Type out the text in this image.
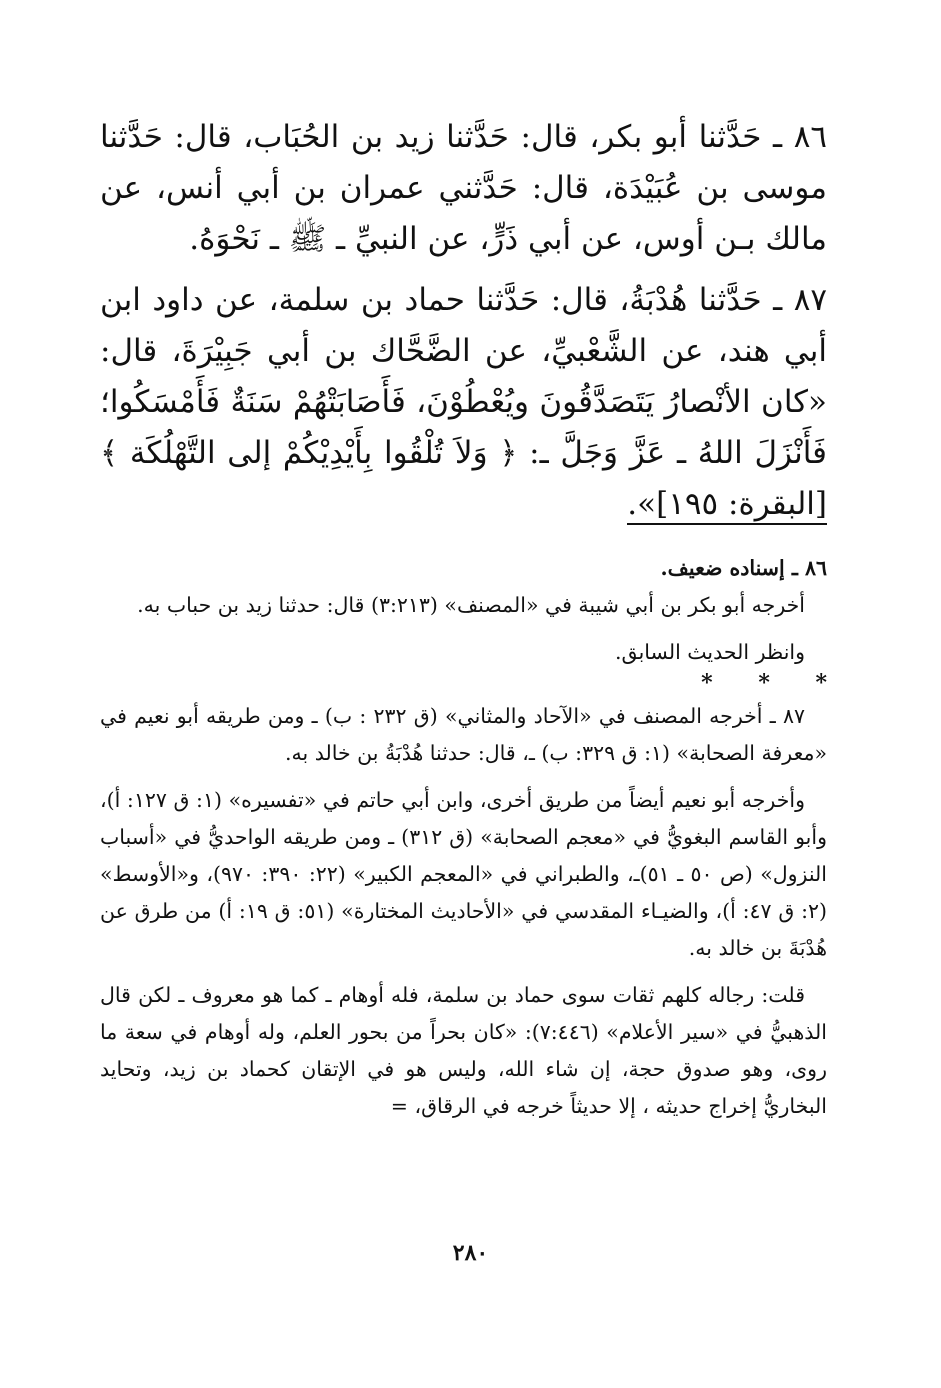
٨٦ ـ حَدَّثنا أبو بكر، قال: حَدَّثنا زيد بن الحُبَاب، قال: حَدَّثنا موسى بن عُبَيْدَة، قال: حَدَّثني عمران بن أبي أنس، عن مالك بـن أوس، عن أبي ذَرٍّ، عن النبيِّ ـ ﷺ ـ نَحْوَهُ.

٨٧ ـ حَدَّثنا هُدْبَةُ، قال: حَدَّثنا حماد بن سلمة، عن داود ابن أبي هند، عن الشَّعْبيِّ، عن الضَّحَّاك بن أبي جَبِيْرَةَ، قال: «كان الأنْصارُ يَتَصَدَّقُونَ ويُعْطُوْنَ، فَأَصَابَتْهُمْ سَنَةٌ فَأَمْسَكُوا؛ فَأَنْزَلَ اللهُ ـ عَزَّ وَجَلَّ ـ: ﴿ وَلاَ تُلْقُوا بِأَيْدِيْكُمْ إلى التَّهْلُكَة ﴾ [البقرة: ١٩٥]».

٨٦ ـ إسناده ضعيف.

أخرجه أبو بكر بن أبي شيبة في «المصنف» (٣:٢١٣) قال: حدثنا زيد بن حباب به.

وانظر الحديث السابق.

* * *

٨٧ ـ أخرجه المصنف في «الآحاد والمثاني» (ق ٢٣٢ : ب) ـ ومن طريقه أبو نعيم في «معرفة الصحابة» (١: ق ٣٢٩: ب) ـ، قال: حدثنا هُدْبَةُ بن خالد به.

وأخرجه أبو نعيم أيضاً من طريق أخرى، وابن أبي حاتم في «تفسيره» (١: ق ١٢٧: أ)، وأبو القاسم البغويُّ في «معجم الصحابة» (ق ٣١٢) ـ ومن طريقه الواحديُّ في «أسباب النزول» (ص ٥٠ ـ ٥١)ـ، والطبراني في «المعجم الكبير» (٢٢: ٣٩٠: ٩٧٠)، و«الأوسط» (٢: ق ٤٧: أ)، والضيـاء المقدسي في «الأحاديث المختارة» (٥١: ق ١٩: أ) من طرق عن هُدْبَةَ بن خالد به.

قلت: رجاله كلهم ثقات سوى حماد بن سلمة، فله أوهام ـ كما هو معروف ـ لكن قال الذهبيُّ في «سير الأعلام» (٧:٤٤٦): «كان بحراً من بحور العلم، وله أوهام في سعة ما روى، وهو صدوق حجة، إن شاء الله، وليس هو في الإتقان كحماد بن زيد، وتحايد البخاريُّ إخراج حديثه ، إلا حديثاً خرجه في الرقاق، =

٢٨٠
